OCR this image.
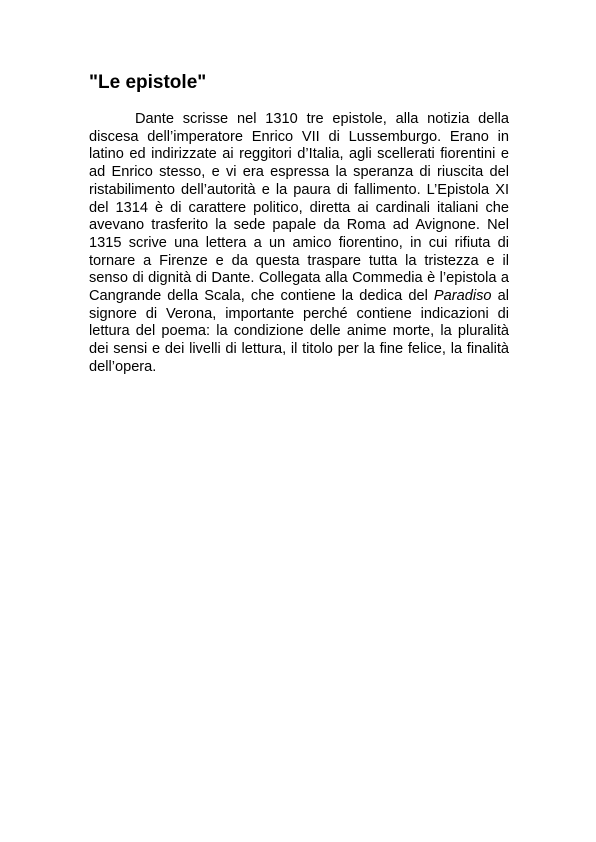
"Le epistole"

Dante scrisse nel 1310 tre epistole, alla notizia della discesa dell’imperatore Enrico VII di Lussemburgo. Erano in latino ed indirizzate ai reggitori d’Italia, agli scellerati fiorentini e ad Enrico stesso, e vi era espressa la speranza di riuscita del ristabilimento dell’autorità e la paura di fallimento. L’Epistola XI del 1314 è di carattere politico, diretta ai cardinali italiani che avevano trasferito la sede papale da Roma ad Avignone. Nel 1315 scrive una lettera a un amico fiorentino, in cui rifiuta di tornare a Firenze e da questa traspare tutta la tristezza e il senso di dignità di Dante. Collegata alla Commedia è l’epistola a Cangrande della Scala, che contiene la dedica del Paradiso al signore di Verona, importante perché contiene indicazioni di lettura del poema: la condizione delle anime morte, la pluralità dei sensi e dei livelli di lettura, il titolo per la fine felice, la finalità dell’opera.
